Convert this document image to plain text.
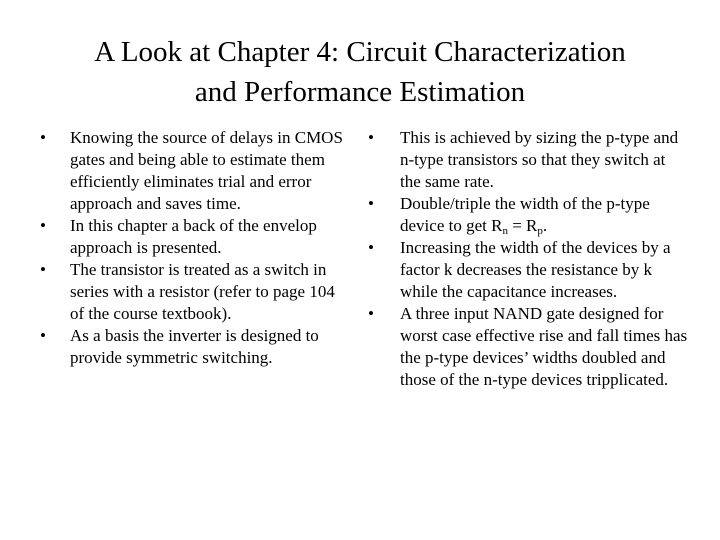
A Look at Chapter 4: Circuit Characterization
and Performance Estimation
•	Knowing the source of delays in CMOS gates and being able to estimate them efficiently eliminates trial and error approach and saves time.
•	In this chapter a back of the envelop approach is presented.
•	The transistor is treated as a switch in series with a resistor (refer to page 104 of the course textbook).
•	As a basis the inverter is designed to provide symmetric switching.
•	This is achieved by sizing the p-type and n-type transistors so that they switch at the same rate.
•	Double/triple the width of the p-type device to get $R_n = R_p$.
•	Increasing the width of the devices by a factor k decreases the resistance by k while the capacitance increases.
•	A three input NAND gate designed for worst case effective rise and fall times has the p-type devices’ widths doubled and those of the n-type devices tripplicated.
